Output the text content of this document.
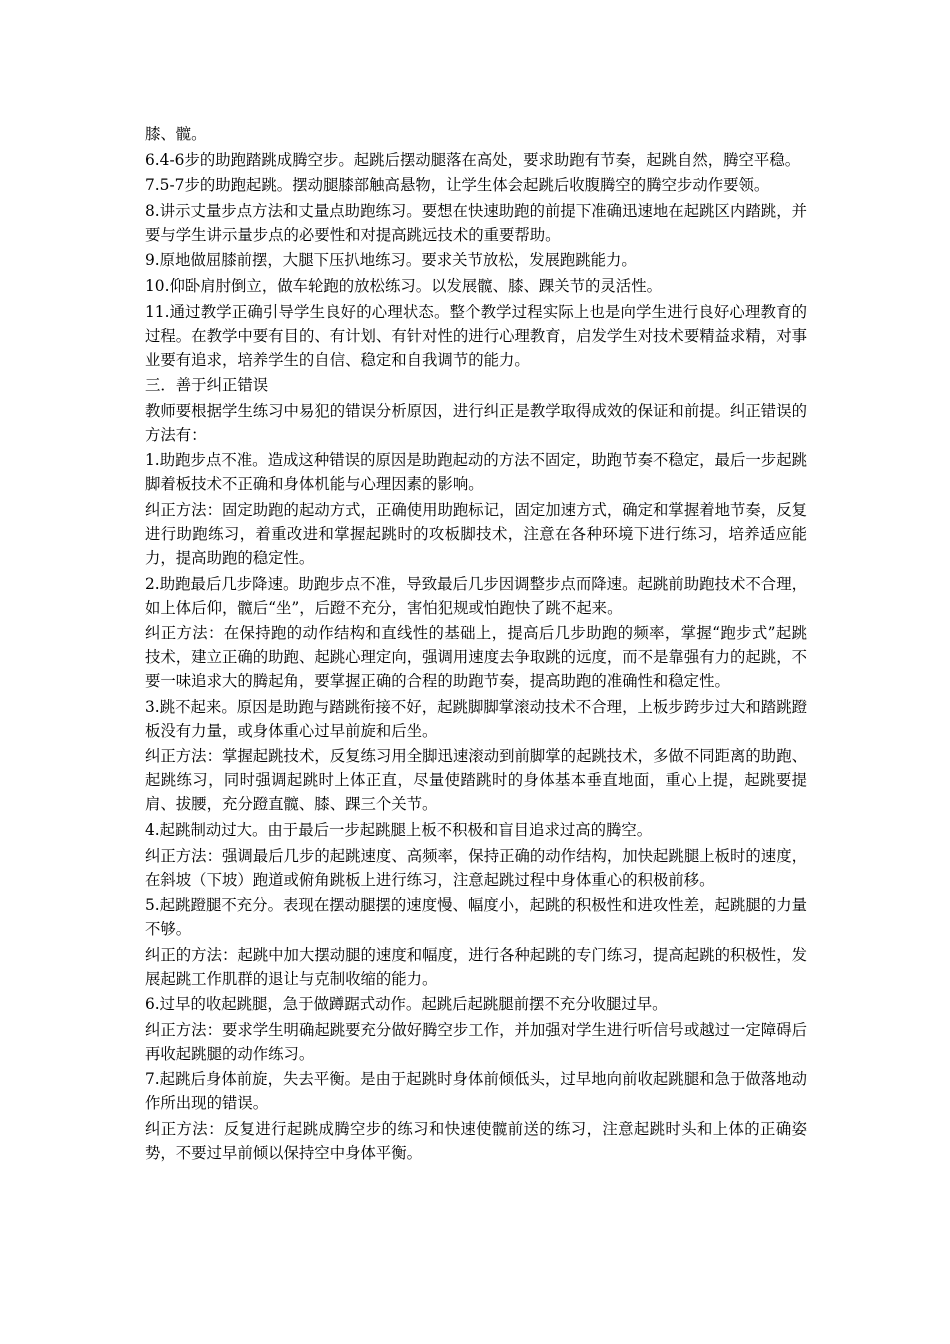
膝、髋。

6.4-6步的助跑踏跳成腾空步。起跳后摆动腿落在高处，要求助跑有节奏，起跳自然，腾空平稳。

7.5-7步的助跑起跳。摆动腿膝部触高悬物，让学生体会起跳后收腹腾空的腾空步动作要领。

8.讲示丈量步点方法和丈量点助跑练习。要想在快速助跑的前提下准确迅速地在起跳区内踏跳，并要与学生讲示量步点的必要性和对提高跳远技术的重要帮助。

9.原地做屈膝前摆，大腿下压扒地练习。要求关节放松，发展跑跳能力。

10.仰卧肩肘倒立，做车轮跑的放松练习。以发展髋、膝、踝关节的灵活性。

11.通过教学正确引导学生良好的心理状态。整个教学过程实际上也是向学生进行良好心理教育的过程。在教学中要有目的、有计划、有针对性的进行心理教育，启发学生对技术要精益求精，对事业要有追求，培养学生的自信、稳定和自我调节的能力。

三．善于纠正错误

教师要根据学生练习中易犯的错误分析原因，进行纠正是教学取得成效的保证和前提。纠正错误的方法有：

1.助跑步点不准。造成这种错误的原因是助跑起动的方法不固定，助跑节奏不稳定，最后一步起跳脚着板技术不正确和身体机能与心理因素的影响。

纠正方法：固定助跑的起动方式，正确使用助跑标记，固定加速方式，确定和掌握着地节奏，反复进行助跑练习，着重改进和掌握起跳时的攻板脚技术，注意在各种环境下进行练习，培养适应能力，提高助跑的稳定性。

2.助跑最后几步降速。助跑步点不准，导致最后几步因调整步点而降速。起跳前助跑技术不合理，如上体后仰，髋后“坐”，后蹬不充分，害怕犯规或怕跑快了跳不起来。

纠正方法：在保持跑的动作结构和直线性的基础上，提高后几步助跑的频率，掌握“跑步式”起跳技术，建立正确的助跑、起跳心理定向，强调用速度去争取跳的远度，而不是靠强有力的起跳，不要一味追求大的腾起角，要掌握正确的合程的助跑节奏，提高助跑的准确性和稳定性。

3.跳不起来。原因是助跑与踏跳衔接不好，起跳脚脚掌滚动技术不合理，上板步跨步过大和踏跳蹬板没有力量，或身体重心过早前旋和后坐。

纠正方法：掌握起跳技术，反复练习用全脚迅速滚动到前脚掌的起跳技术，多做不同距离的助跑、起跳练习，同时强调起跳时上体正直，尽量使踏跳时的身体基本垂直地面，重心上提，起跳要提肩、拔腰，充分蹬直髋、膝、踝三个关节。

4.起跳制动过大。由于最后一步起跳腿上板不积极和盲目追求过高的腾空。

纠正方法：强调最后几步的起跳速度、高频率，保持正确的动作结构，加快起跳腿上板时的速度，在斜坡（下坡）跑道或俯角跳板上进行练习，注意起跳过程中身体重心的积极前移。

5.起跳蹬腿不充分。表现在摆动腿摆的速度慢、幅度小，起跳的积极性和进攻性差，起跳腿的力量不够。

纠正的方法：起跳中加大摆动腿的速度和幅度，进行各种起跳的专门练习，提高起跳的积极性，发展起跳工作肌群的退让与克制收缩的能力。

6.过早的收起跳腿，急于做蹲踞式动作。起跳后起跳腿前摆不充分收腿过早。

纠正方法：要求学生明确起跳要充分做好腾空步工作，并加强对学生进行听信号或越过一定障碍后再收起跳腿的动作练习。

7.起跳后身体前旋，失去平衡。是由于起跳时身体前倾低头，过早地向前收起跳腿和急于做落地动作所出现的错误。

纠正方法：反复进行起跳成腾空步的练习和快速使髋前送的练习，注意起跳时头和上体的正确姿势，不要过早前倾以保持空中身体平衡。
